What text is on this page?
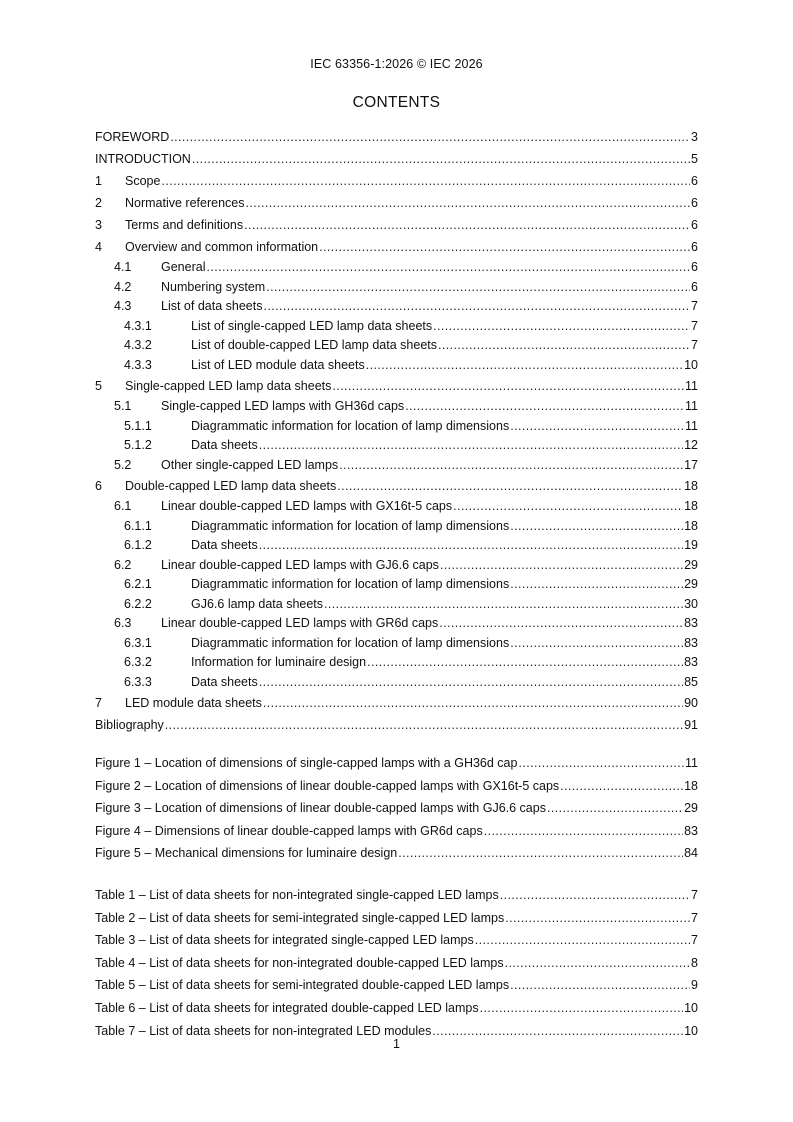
IEC 63356-1:2026 © IEC 2026
CONTENTS
FOREWORD .....	3
INTRODUCTION .....	5
1	Scope .....	6
2	Normative references .....	6
3	Terms and definitions .....	6
4	Overview and common information .....	6
4.1	General .....	6
4.2	Numbering system .....	6
4.3	List of data sheets .....	7
4.3.1	List of single-capped LED lamp data sheets .....	7
4.3.2	List of double-capped LED lamp data sheets .....	7
4.3.3	List of LED module data sheets .....	10
5	Single-capped LED lamp data sheets .....	11
5.1	Single-capped LED lamps with GH36d caps .....	11
5.1.1	Diagrammatic information for location of lamp dimensions .....	11
5.1.2	Data sheets .....	12
5.2	Other single-capped LED lamps .....	17
6	Double-capped LED lamp data sheets .....	18
6.1	Linear double-capped LED lamps with GX16t-5 caps .....	18
6.1.1	Diagrammatic information for location of lamp dimensions .....	18
6.1.2	Data sheets .....	19
6.2	Linear double-capped LED lamps with GJ6.6 caps .....	29
6.2.1	Diagrammatic information for location of lamp dimensions .....	29
6.2.2	GJ6.6 lamp data sheets .....	30
6.3	Linear double-capped LED lamps with GR6d caps .....	83
6.3.1	Diagrammatic information for location of lamp dimensions .....	83
6.3.2	Information for luminaire design .....	83
6.3.3	Data sheets .....	85
7	LED module data sheets .....	90
Bibliography .....	91
Figure 1 – Location of dimensions of single-capped lamps with a GH36d cap .....	11
Figure 2 – Location of dimensions of linear double-capped lamps with GX16t-5 caps .....	18
Figure 3 – Location of dimensions of linear double-capped lamps with GJ6.6 caps .....	29
Figure 4 – Dimensions of linear double-capped lamps with GR6d caps .....	83
Figure 5 – Mechanical dimensions for luminaire design .....	84
Table 1 – List of data sheets for non-integrated single-capped LED lamps .....	7
Table 2 – List of data sheets for semi-integrated single-capped LED lamps .....	7
Table 3 – List of data sheets for integrated single-capped LED lamps .....	7
Table 4 – List of data sheets for non-integrated double-capped LED lamps .....	8
Table 5 – List of data sheets for semi-integrated double-capped LED lamps .....	9
Table 6 – List of data sheets for integrated double-capped LED lamps .....	10
Table 7 – List of data sheets for non-integrated LED modules .....	10
1
